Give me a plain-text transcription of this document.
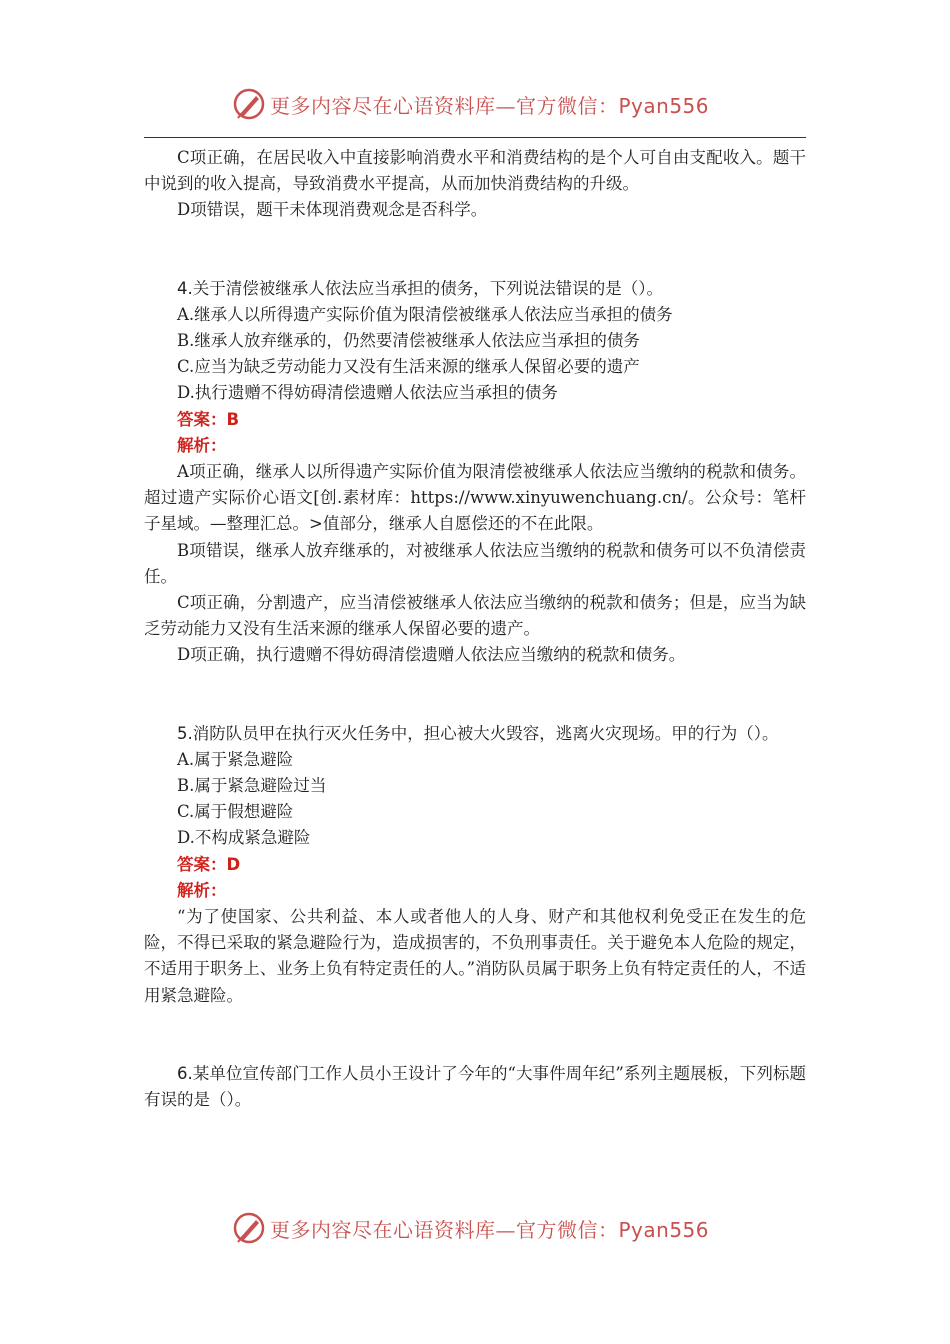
更多内容尽在心语资料库—官方微信：Pyan556

C项正确，在居民收入中直接影响消费水平和消费结构的是个人可自由支配收入。题干中说到的收入提高，导致消费水平提高，从而加快消费结构的升级。

D项错误，题干未体现消费观念是否科学。

4.关于清偿被继承人依法应当承担的债务，下列说法错误的是（）。

A.继承人以所得遗产实际价值为限清偿被继承人依法应当承担的债务

B.继承人放弃继承的，仍然要清偿被继承人依法应当承担的债务

C.应当为缺乏劳动能力又没有生活来源的继承人保留必要的遗产

D.执行遗赠不得妨碍清偿遗赠人依法应当承担的债务

答案：B

解析：

A项正确，继承人以所得遗产实际价值为限清偿被继承人依法应当缴纳的税款和债务。超过遗产实际价心语文[创.素材库：https://www.xinyuwenchuang.cn/。公众号：笔杆子星域。—整理汇总。>值部分，继承人自愿偿还的不在此限。

B项错误，继承人放弃继承的，对被继承人依法应当缴纳的税款和债务可以不负清偿责任。

C项正确，分割遗产，应当清偿被继承人依法应当缴纳的税款和债务；但是，应当为缺乏劳动能力又没有生活来源的继承人保留必要的遗产。

D项正确，执行遗赠不得妨碍清偿遗赠人依法应当缴纳的税款和债务。

5.消防队员甲在执行灭火任务中，担心被大火毁容，逃离火灾现场。甲的行为（）。

A.属于紧急避险

B.属于紧急避险过当

C.属于假想避险

D.不构成紧急避险

答案：D

解析：

“为了使国家、公共利益、本人或者他人的人身、财产和其他权利免受正在发生的危险，不得已采取的紧急避险行为，造成损害的，不负刑事责任。关于避免本人危险的规定，不适用于职务上、业务上负有特定责任的人。”消防队员属于职务上负有特定责任的人，不适用紧急避险。

6.某单位宣传部门工作人员小王设计了今年的“大事件周年纪”系列主题展板，下列标题有误的是（）。

更多内容尽在心语资料库—官方微信：Pyan556
